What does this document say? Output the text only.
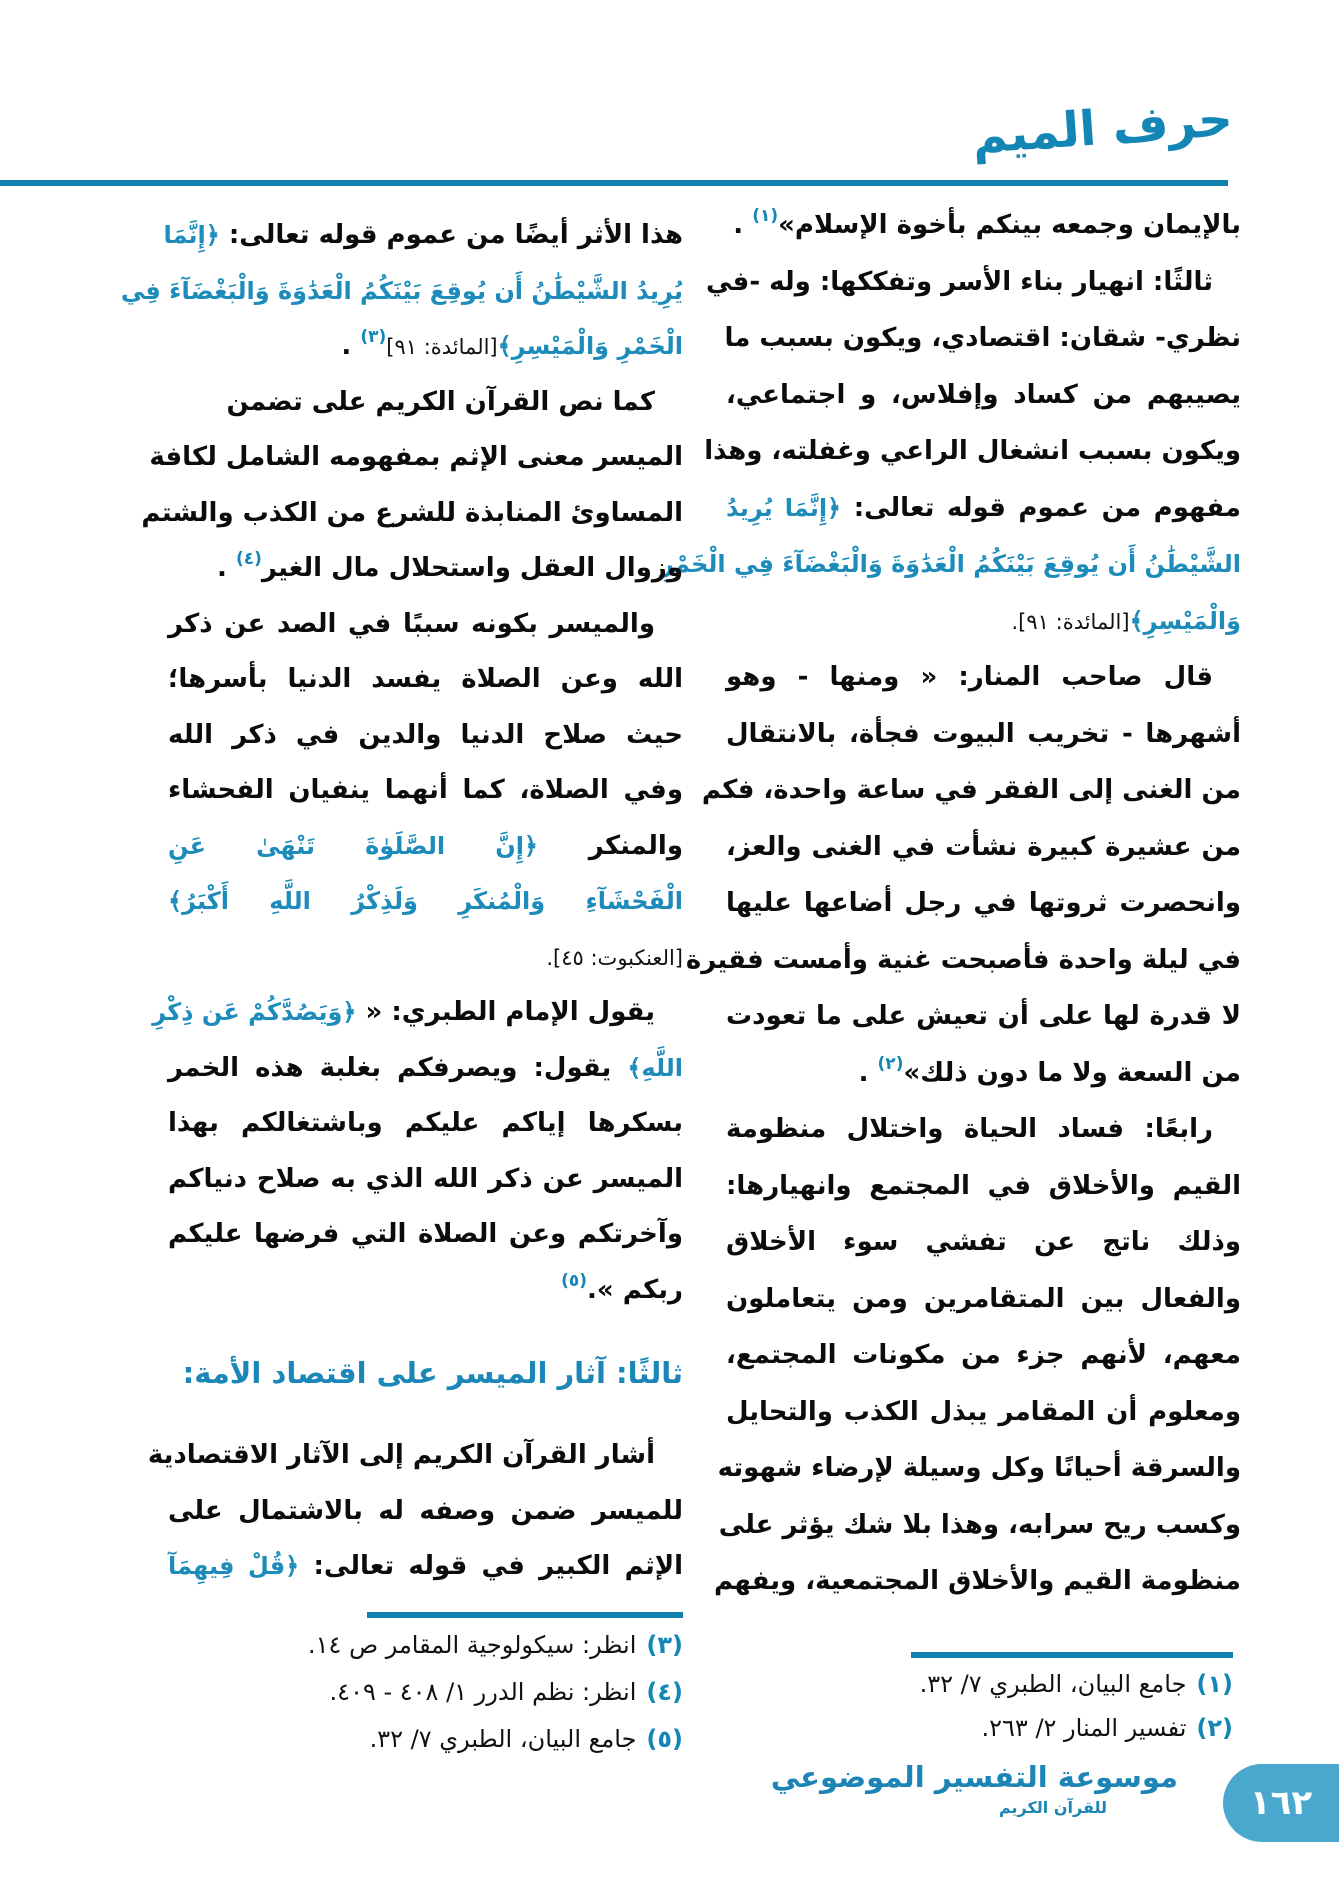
حرف الميم
بالإيمان وجمعه بينكم بأخوة الإسلام»$^{(١)}$ .
ثالثًا: انهيار بناء الأسر وتفككها: وله -في
نظري- شقان: اقتصادي، ويكون بسبب ما
يصيبهم من كساد وإفلاس، و اجتماعي،
ويكون بسبب انشغال الراعي وغفلته، وهذا
مفهوم من عموم قوله تعالى: ﴿إِنَّمَا يُرِيدُ
الشَّيْطَٰنُ أَن يُوقِعَ بَيْنَكُمُ الْعَدَٰوَةَ وَالْبَغْضَآءَ فِي الْخَمْرِ
وَالْمَيْسِرِ﴾[المائدة: ٩١].
قال صاحب المنار: « ومنها - وهو
أشهرها - تخريب البيوت فجأة، بالانتقال
من الغنى إلى الفقر في ساعة واحدة، فكم
من عشيرة كبيرة نشأت في الغنى والعز،
وانحصرت ثروتها في رجل أضاعها عليها
في ليلة واحدة فأصبحت غنية وأمست فقيرة
لا قدرة لها على أن تعيش على ما تعودت
من السعة ولا ما دون ذلك»$^{(٢)}$ .
رابعًا: فساد الحياة واختلال منظومة
القيم والأخلاق في المجتمع وانهيارها:
وذلك ناتج عن تفشي سوء الأخلاق
والفعال بين المتقامرين ومن يتعاملون
معهم، لأنهم جزء من مكونات المجتمع،
ومعلوم أن المقامر يبذل الكذب والتحايل
والسرقة أحيانًا وكل وسيلة لإرضاء شهوته
وكسب ريح سرابه، وهذا بلا شك يؤثر على
منظومة القيم والأخلاق المجتمعية، ويفهم
هذا الأثر أيضًا من عموم قوله تعالى: ﴿إِنَّمَا
يُرِيدُ الشَّيْطَٰنُ أَن يُوقِعَ بَيْنَكُمُ الْعَدَٰوَةَ وَالْبَغْضَآءَ فِي
الْخَمْرِ وَالْمَيْسِرِ﴾[المائدة: ٩١]$^{(٣)}$ .
كما نص القرآن الكريم على تضمن
الميسر معنى الإثم بمفهومه الشامل لكافة
المساوئ المنابذة للشرع من الكذب والشتم
وزوال العقل واستحلال مال الغير$^{(٤)}$ .
والميسر بكونه سببًا في الصد عن ذكر
الله وعن الصلاة يفسد الدنيا بأسرها؛
حيث صلاح الدنيا والدين في ذكر الله
وفي الصلاة، كما أنهما ينفيان الفحشاء
والمنكر ﴿إِنَّ الصَّلَوٰةَ تَنْهَىٰ عَنِ
الْفَحْشَآءِ وَالْمُنكَرِ وَلَذِكْرُ اللَّهِ أَكْبَرُ﴾
[العنكبوت: ٤٥].
يقول الإمام الطبري: « ﴿وَيَصُدَّكُمْ عَن ذِكْرِ
اللَّهِ﴾ يقول: ويصرفكم بغلبة هذه الخمر
بسكرها إياكم عليكم وباشتغالكم بهذا
الميسر عن ذكر الله الذي به صلاح دنياكم
وآخرتكم وعن الصلاة التي فرضها عليكم
ربكم ».$^{(٥)}$
ثالثًا: آثار الميسر على اقتصاد الأمة:
أشار القرآن الكريم إلى الآثار الاقتصادية
للميسر ضمن وصفه له بالاشتمال على
الإثم الكبير في قوله تعالى: ﴿قُلْ فِيهِمَآ
(٣)انظر: سيكولوجية المقامر ص ١٤.
(٤)انظر: نظم الدرر ١/ ٤٠٨ - ٤٠٩.
(٥)جامع البيان، الطبري ٧/ ٣٢.
(١)جامع البيان، الطبري ٧/ ٣٢.
(٢)تفسير المنار ٢/ ٢٦٣.
موسوعة التفسير الموضوعي
للقرآن الكريم	١٦٢
